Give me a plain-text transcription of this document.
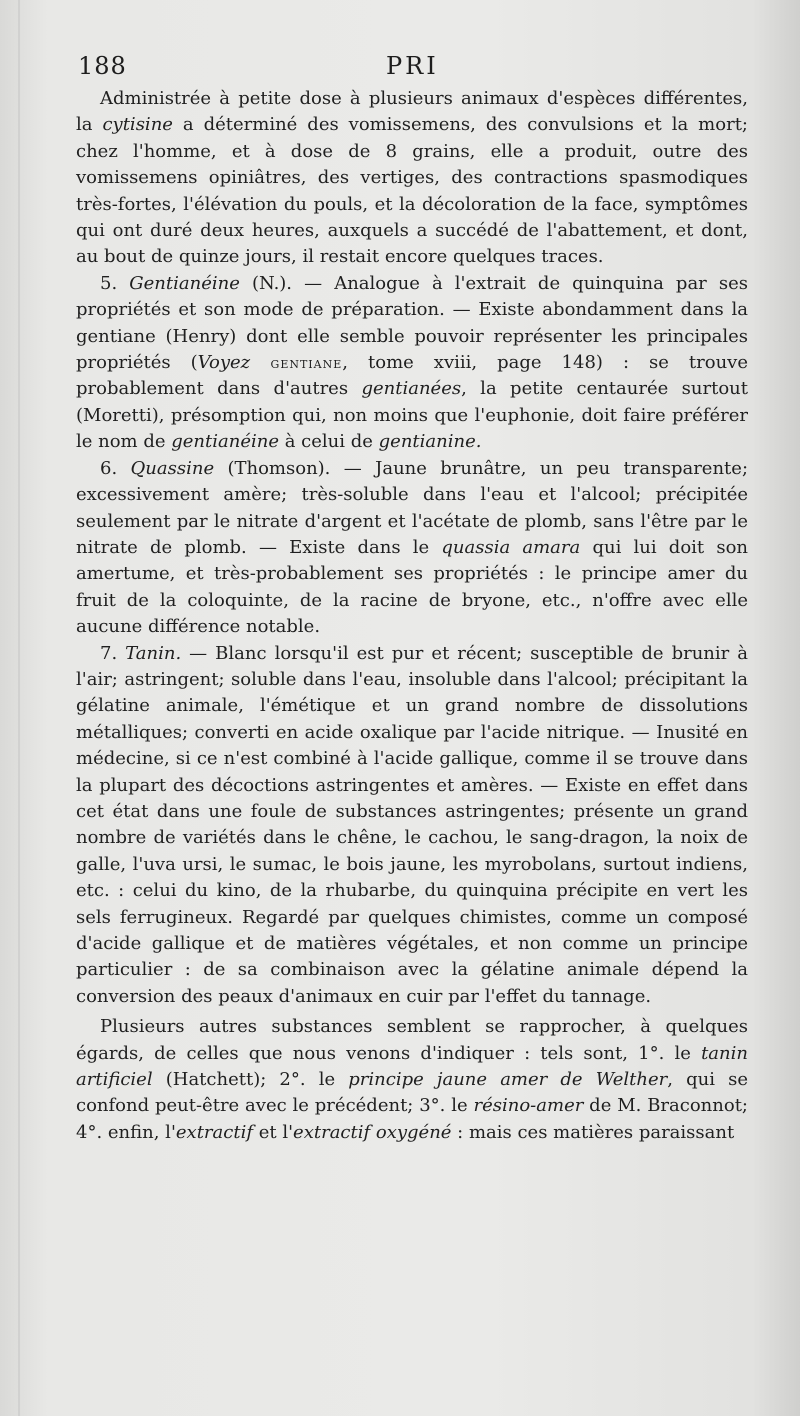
188	PRI

Administrée à petite dose à plusieurs animaux d'espèces différentes, la cytisine a déterminé des vomissemens, des convulsions et la mort; chez l'homme, et à dose de 8 grains, elle a produit, outre des vomissemens opiniâtres, des vertiges, des contractions spasmodiques très-fortes, l'élévation du pouls, et la décoloration de la face, symptômes qui ont duré deux heures, auxquels a succédé de l'abattement, et dont, au bout de quinze jours, il restait encore quelques traces.

5. Gentianéine (N.). — Analogue à l'extrait de quinquina par ses propriétés et son mode de préparation. — Existe abondamment dans la gentiane (Henry) dont elle semble pouvoir représenter les principales propriétés (Voyez gentiane, tome xviii, page 148) : se trouve probablement dans d'autres gentianées, la petite centaurée surtout (Moretti), présomption qui, non moins que l'euphonie, doit faire préférer le nom de gentianéine à celui de gentianine.

6. Quassine (Thomson). — Jaune brunâtre, un peu transparente; excessivement amère; très-soluble dans l'eau et l'alcool; précipitée seulement par le nitrate d'argent et l'acétate de plomb, sans l'être par le nitrate de plomb. — Existe dans le quassia amara qui lui doit son amertume, et très-probablement ses propriétés : le principe amer du fruit de la coloquinte, de la racine de bryone, etc., n'offre avec elle aucune différence notable.

7. Tanin. — Blanc lorsqu'il est pur et récent; susceptible de brunir à l'air; astringent; soluble dans l'eau, insoluble dans l'alcool; précipitant la gélatine animale, l'émétique et un grand nombre de dissolutions métalliques; converti en acide oxalique par l'acide nitrique. — Inusité en médecine, si ce n'est combiné à l'acide gallique, comme il se trouve dans la plupart des décoctions astringentes et amères. — Existe en effet dans cet état dans une foule de substances astringentes; présente un grand nombre de variétés dans le chêne, le cachou, le sang-dragon, la noix de galle, l'uva ursi, le sumac, le bois jaune, les myrobolans, surtout indiens, etc. : celui du kino, de la rhubarbe, du quinquina précipite en vert les sels ferrugineux. Regardé par quelques chimistes, comme un composé d'acide gallique et de matières végétales, et non comme un principe particulier : de sa combinaison avec la gélatine animale dépend la conversion des peaux d'animaux en cuir par l'effet du tannage.

Plusieurs autres substances semblent se rapprocher, à quelques égards, de celles que nous venons d'indiquer : tels sont, 1°. le tanin artificiel (Hatchett); 2°. le principe jaune amer de Welther, qui se confond peut-être avec le précédent; 3°. le résino-amer de M. Braconnot; 4°. enfin, l'extractif et l'extractif oxygéné : mais ces matières paraissant
